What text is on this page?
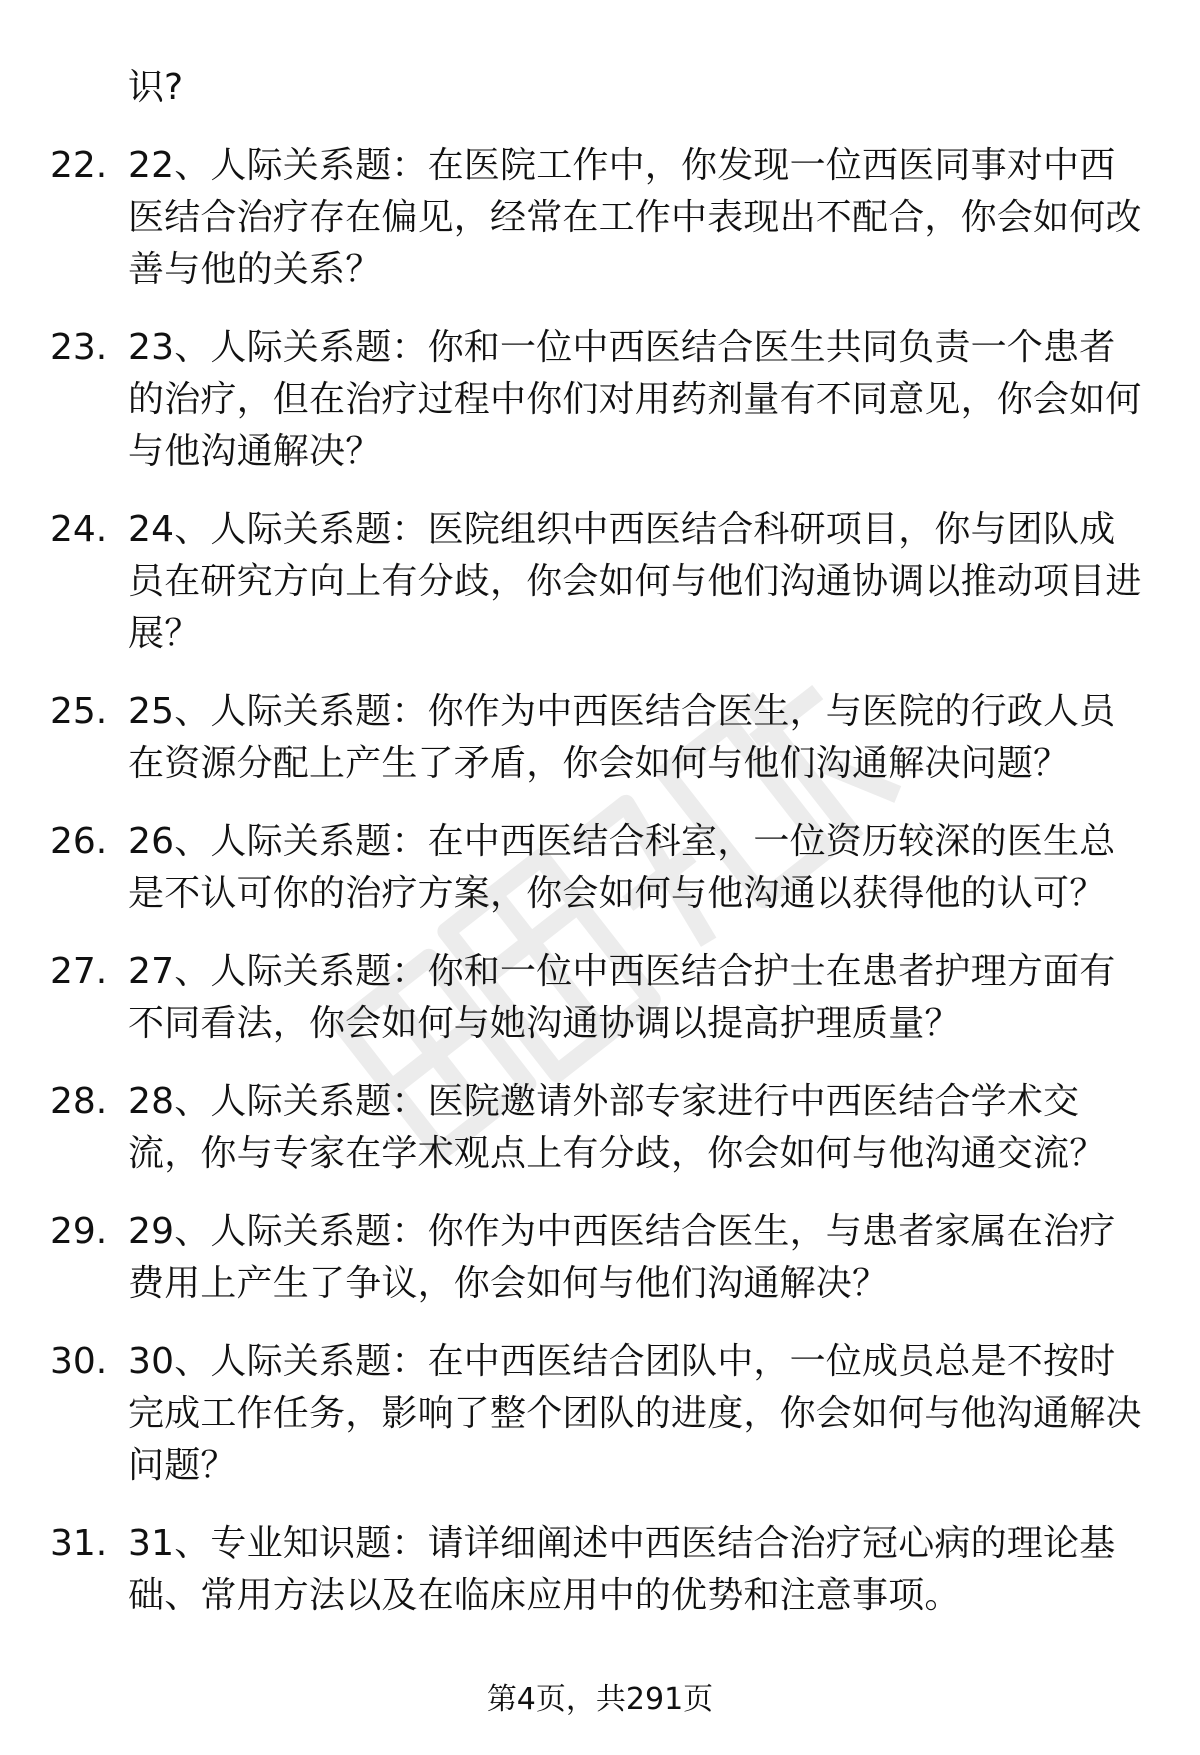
识?
22. 22、人际关系题：在医院工作中，你发现一位西医同事对中西医结合治疗存在偏见，经常在工作中表现出不配合，你会如何改善与他的关系？
23. 23、人际关系题：你和一位中西医结合医生共同负责一个患者的治疗，但在治疗过程中你们对用药剂量有不同意见，你会如何与他沟通解决？
24. 24、人际关系题：医院组织中西医结合科研项目，你与团队成员在研究方向上有分歧，你会如何与他们沟通协调以推动项目进展？
25. 25、人际关系题：你作为中西医结合医生，与医院的行政人员在资源分配上产生了矛盾，你会如何与他们沟通解决问题？
26. 26、人际关系题：在中西医结合科室，一位资历较深的医生总是不认可你的治疗方案，你会如何与他沟通以获得他的认可？
27. 27、人际关系题：你和一位中西医结合护士在患者护理方面有不同看法，你会如何与她沟通协调以提高护理质量？
28. 28、人际关系题：医院邀请外部专家进行中西医结合学术交流，你与专家在学术观点上有分歧，你会如何与他沟通交流？
29. 29、人际关系题：你作为中西医结合医生，与患者家属在治疗费用上产生了争议，你会如何与他们沟通解决？
30. 30、人际关系题：在中西医结合团队中，一位成员总是不按时完成工作任务，影响了整个团队的进度，你会如何与他沟通解决问题？
31. 31、专业知识题：请详细阐述中西医结合治疗冠心病的理论基础、常用方法以及在临床应用中的优势和注意事项。
第4页，共291页
